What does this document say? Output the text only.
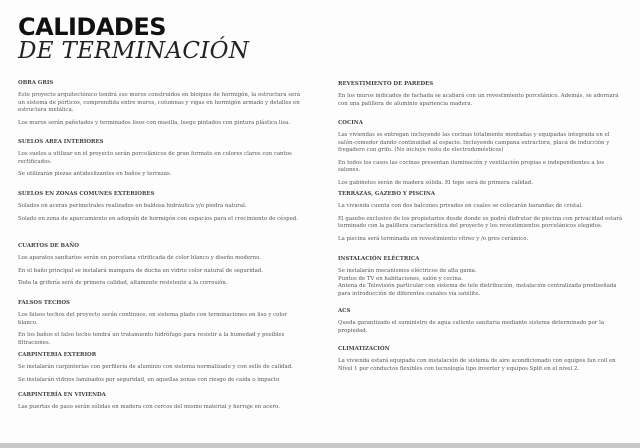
CALIDADES
DE TERMINACIÓN
OBRA GRIS

Este proyecto arquitectónico tendrá sus muros construidos en bloques de hormigón, la estructura será un sistema de pórticos, comprendida entre muros, columnas y vigas en hormigón armado y detalles en estructura metálica.

Los muros serán pañetados y terminados lisos con masilla, luego pintados con pintura plástica lisa.

SUELOS AREA INTERIORES

Los suelos a utilizar en el proyecto serán porcelánicos de gran formato en colores claros con cantos rectificados.

Se utilizarán piezas antideslizantes en baños y terrazas.

SUELOS EN ZONAS COMUNES EXTERIORES

Solados en aceras perimetrales realizados en baldosa hidráulica y/o piedra natural.

Solado en zona de aparcamiento en adoquín de hormigón con espacios para el crecimiento de césped.

CUARTOS DE BAÑO

Los aparatos sanitarios serán en porcelana vitrificada de color blanco y diseño moderno.

En el baño principal se instalará mampara de ducha en vidrio color natural de seguridad.

Toda la grifería será de primera calidad, altamente resistente a la corrosión.

FALSOS TECHOS

Los falsos techos del proyecto serán continuos, en sistema plado con terminaciones en liso y color blanco.

En los baños el falso techo tendrá un tratamiento hidrófugo para resistir a la humedad y posibles filtraciones.

CARPINTERIA EXTERIOR

Se instalarán carpinterías con perfilería de aluminio con sistema normalizado y con sello de calidad.

Se instalarán vidrios laminados por seguridad, en aquellas zonas con riesgo de caída o impacto

CARPINTERÍA EN VIVIENDA

Las puertas de paso serán sólidas en madera con cercos del mismo material y herraje en acero.

REVESTIMIENTO DE PAREDES

En los muros indicados de fachada se acabará con un revestimiento porcelánico. Además, se adornará con una palillera de aluminio apariencia madera.

COCINA

Las viviendas se entregan incluyendo las cocinas totalmente montadas y equipadas integrada en el salón-comedor dando continuidad al espacio. Incluyendo campana extractora, placa de inducción y fregadero con grifo. (No incluye resto de electrodomésticos)

En todos los casos las cocinas presentan iluminación y ventilación propias e independientes a los salones.

Los gabinetes serán de madera sólida. El tope será de primera calidad.

TERRAZAS, GAZEBO Y PISCINA

La vivienda cuenta con dos balcones privados en cuales se colocarán barandas de cristal.

El gazebo exclusivo de los propietarios desde donde se podrá disfrutar de piscina con privacidad estará terminado con la palillera característica del proyecto y los revestimientos porcelánicos elegidos.

La piscina será terminada en revestimiento vítreo y /o gres cerámico.

INSTALACIÓN ELÉCTRICA

Se instalarán mecanismos eléctricos de alta gama.
Puntos de TV en habitaciones, salón y cocina.
Antena de Televisión particular con sistema de tele distribución, instalación centralizada prediseñada para introducción de diferentes canales vía satélite.

ACS

Queda garantizado el suministro de agua caliente sanitaria mediante sistema determinado por la propiedad.

CLIMATIZACIÓN

La vivienda estará equipada con instalación de sistema de aire acondicionado con equipos fan coil en Nivel 1 por conductos flexibles con tecnología tipo inverter y equipos Split en el nivel 2.
